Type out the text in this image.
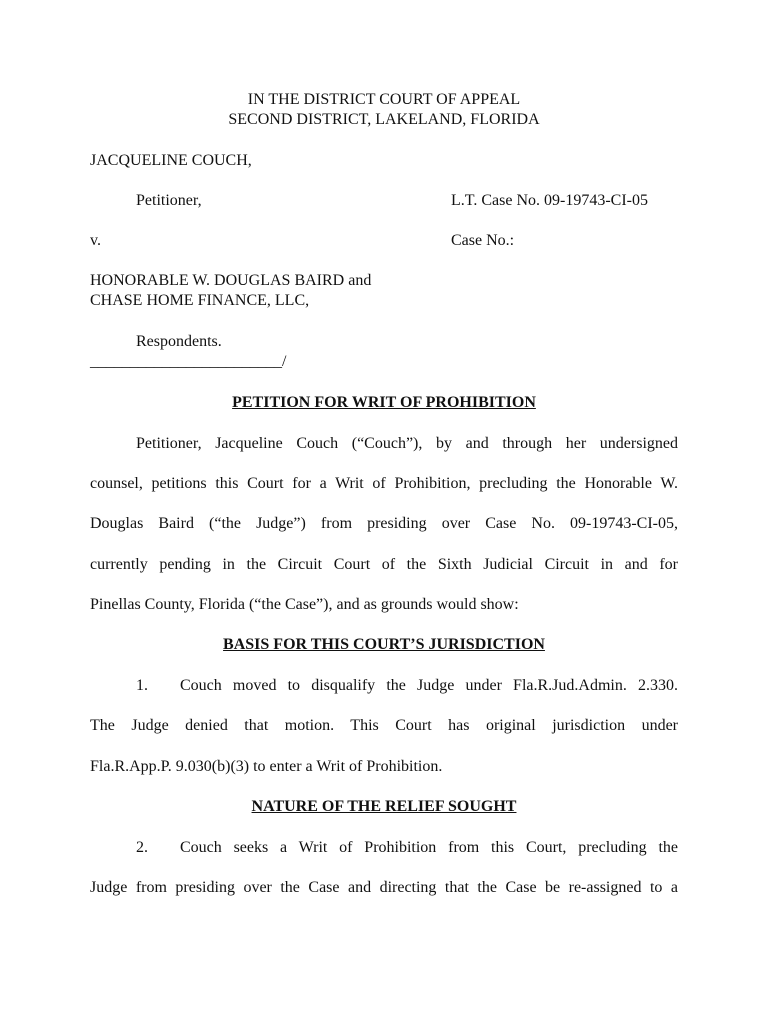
IN THE DISTRICT COURT OF APPEAL
SECOND DISTRICT, LAKELAND, FLORIDA
JACQUELINE COUCH,
Petitioner,	L.T. Case No. 09-19743-CI-05
v.	Case No.:
HONORABLE W. DOUGLAS BAIRD and
CHASE HOME FINANCE, LLC,
Respondents.
________________________/
PETITION FOR WRIT OF PROHIBITION
Petitioner, Jacqueline Couch (“Couch”), by and through her undersigned
counsel, petitions this Court for a Writ of Prohibition, precluding the Honorable W.
Douglas Baird (“the Judge”) from presiding over Case No. 09-19743-CI-05,
currently pending in the Circuit Court of the Sixth Judicial Circuit in and for
Pinellas County, Florida (“the Case”), and as grounds would show:
BASIS FOR THIS COURT’S JURISDICTION
1. Couch moved to disqualify the Judge under Fla.R.Jud.Admin. 2.330.
The Judge denied that motion. This Court has original jurisdiction under
Fla.R.App.P. 9.030(b)(3) to enter a Writ of Prohibition.
NATURE OF THE RELIEF SOUGHT
2. Couch seeks a Writ of Prohibition from this Court, precluding the
Judge from presiding over the Case and directing that the Case be re-assigned to a
